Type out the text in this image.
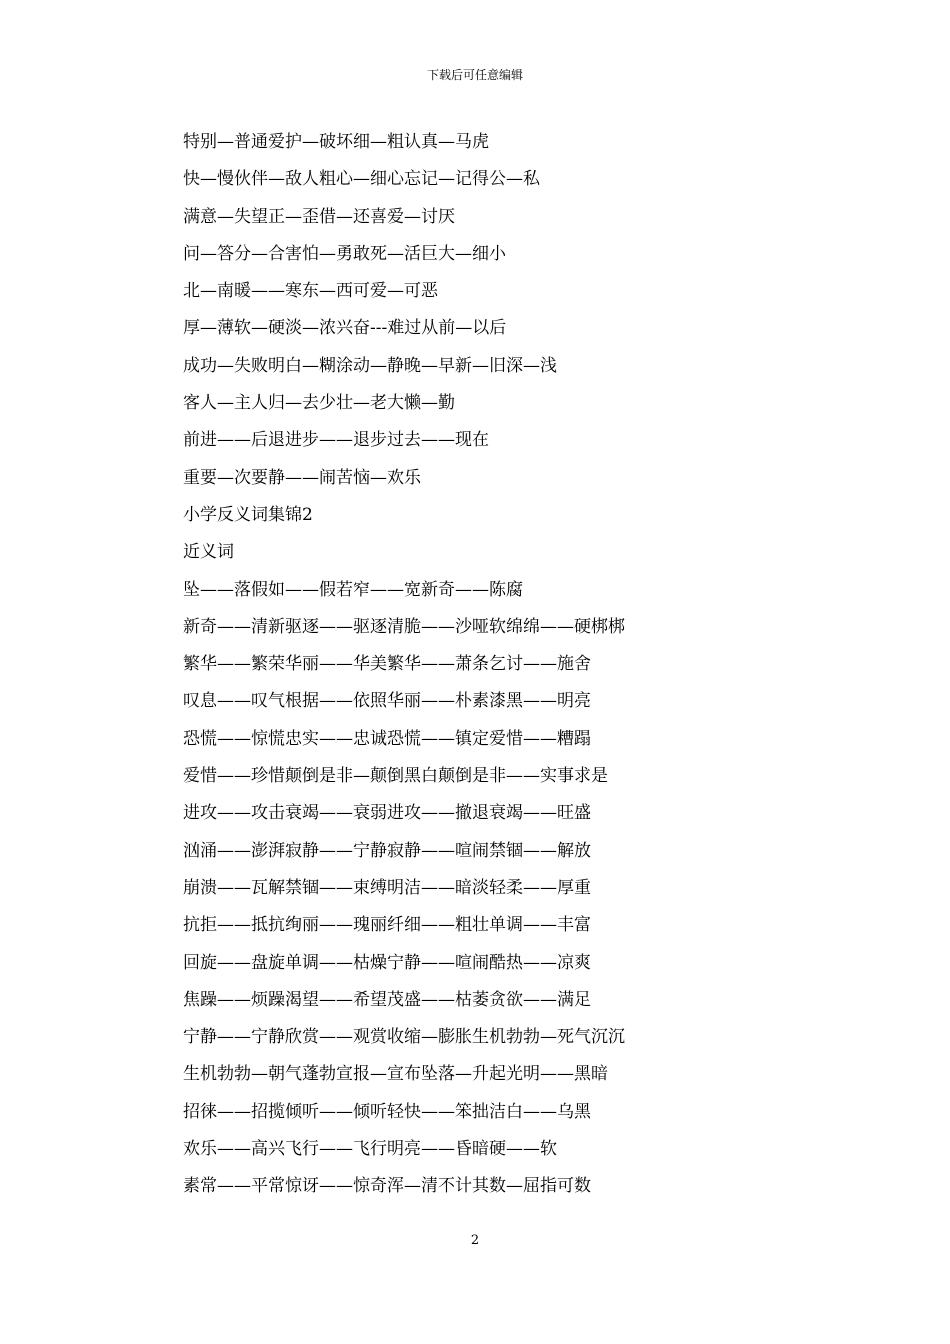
下载后可任意编辑
特别—普通爱护—破坏细—粗认真—马虎
快—慢伙伴—敌人粗心—细心忘记—记得公—私
满意—失望正—歪借—还喜爱—讨厌
问—答分—合害怕—勇敢死—活巨大—细小
北—南暖——寒东—西可爱—可恶
厚—薄软—硬淡—浓兴奋---难过从前—以后
成功—失败明白—糊涂动—静晚—早新—旧深—浅
客人—主人归—去少壮—老大懒—勤
前进——后退进步——退步过去——现在
重要—次要静——闹苦恼—欢乐
小学反义词集锦2
近义词
坠——落假如——假若窄——宽新奇——陈腐
新奇——清新驱逐——驱逐清脆——沙哑软绵绵——硬梆梆
繁华——繁荣华丽——华美繁华——萧条乞讨——施舍
叹息——叹气根据——依照华丽——朴素漆黑——明亮
恐慌——惊慌忠实——忠诚恐慌——镇定爱惜——糟蹋
爱惜——珍惜颠倒是非—颠倒黑白颠倒是非——实事求是
进攻——攻击衰竭——衰弱进攻——撤退衰竭——旺盛
汹涌——澎湃寂静——宁静寂静——喧闹禁锢——解放
崩溃——瓦解禁锢——束缚明洁——暗淡轻柔——厚重
抗拒——抵抗绚丽——瑰丽纤细——粗壮单调——丰富
回旋——盘旋单调——枯燥宁静——喧闹酷热——凉爽
焦躁——烦躁渴望——希望茂盛——枯萎贪欲——满足
宁静——宁静欣赏——观赏收缩—膨胀生机勃勃—死气沉沉
生机勃勃—朝气蓬勃宣报—宣布坠落—升起光明——黑暗
招徕——招揽倾听——倾听轻快——笨拙洁白——乌黑
欢乐——高兴飞行——飞行明亮——昏暗硬——软
素常——平常惊讶——惊奇浑—清不计其数—屈指可数
2
